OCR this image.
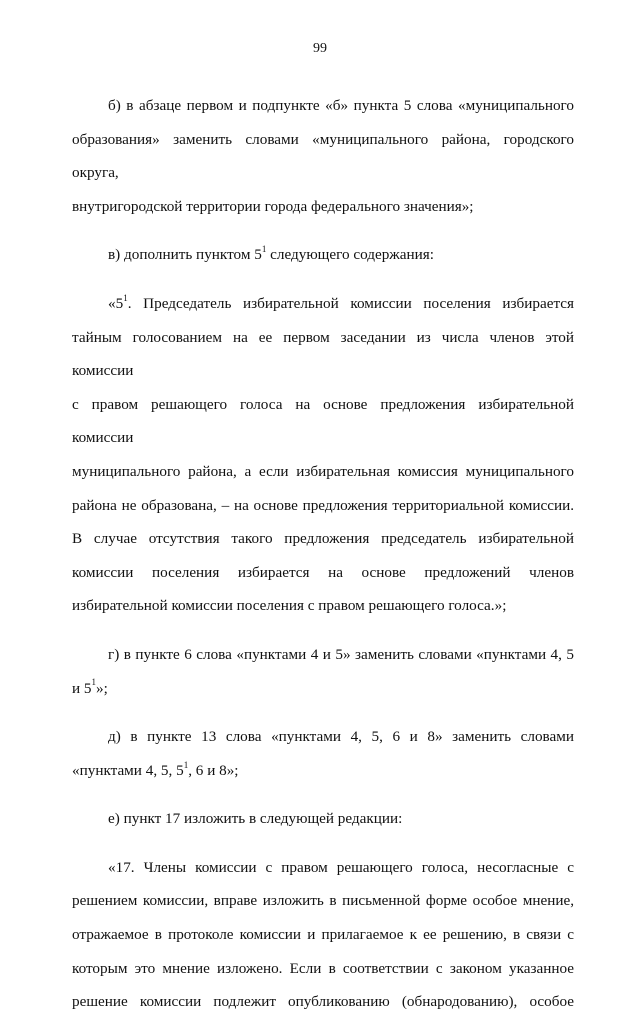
99
б) в абзаце первом и подпункте «б» пункта 5 слова «муниципального
образования» заменить словами «муниципального района, городского округа,
внутригородской территории города федерального значения»;
в) дополнить пунктом $5^1$ следующего содержания:
«$5^1$. Председатель избирательной комиссии поселения избирается
тайным голосованием на ее первом заседании из числа членов этой комиссии
с правом решающего голоса на основе предложения избирательной комиссии
муниципального района, а если избирательная комиссия муниципального
района не образована, – на основе предложения территориальной комиссии.
В случае отсутствия такого предложения председатель избирательной
комиссии поселения избирается на основе предложений членов
избирательной комиссии поселения с правом решающего голоса.»;
г) в пункте 6 слова «пунктами 4 и 5» заменить словами «пунктами 4, 5
и $5^1$»;
д) в пункте 13 слова «пунктами 4, 5, 6 и 8» заменить словами
«пунктами 4, 5, $5^1$, 6 и 8»;
е) пункт 17 изложить в следующей редакции:
«17. Члены комиссии с правом решающего голоса, несогласные с
решением комиссии, вправе изложить в письменной форме особое мнение,
отражаемое в протоколе комиссии и прилагаемое к ее решению, в связи с
которым это мнение изложено. Если в соответствии с законом указанное
решение комиссии подлежит опубликованию (обнародованию), особое
